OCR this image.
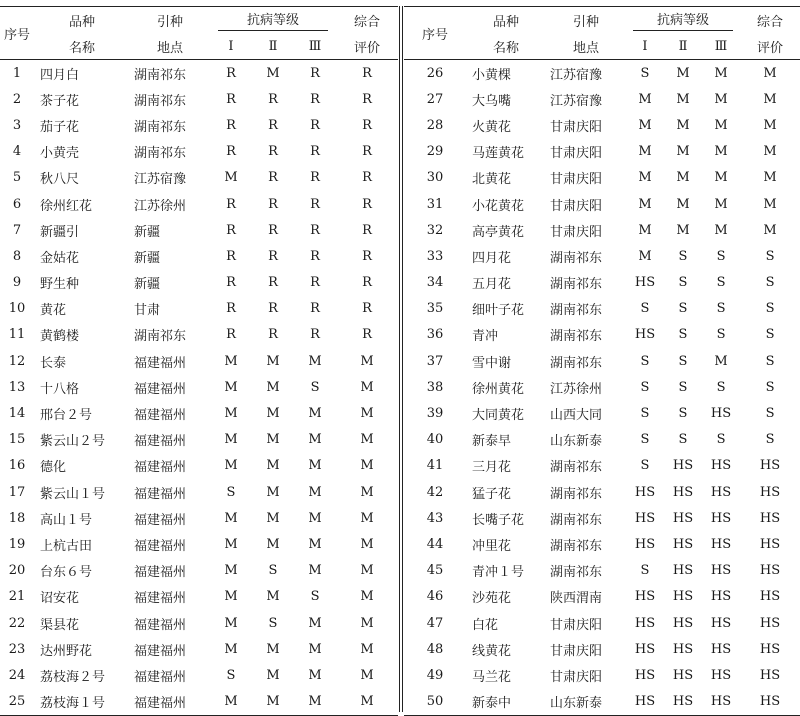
序号	品种	引种	抗病等级			综合
	名称	地点	Ⅰ	Ⅱ	Ⅲ	评价
1	四月白	湖南祁东	R	M	R	R
2	茶子花	湖南祁东	R	R	R	R
3	茄子花	湖南祁东	R	R	R	R
4	小黄壳	湖南祁东	R	R	R	R
5	秋八尺	江苏宿豫	M	R	R	R
6	徐州红花	江苏徐州	R	R	R	R
7	新疆引	新疆	R	R	R	R
8	金姑花	新疆	R	R	R	R
9	野生种	新疆	R	R	R	R
10	黄花	甘肃	R	R	R	R
11	黄鹤楼	湖南祁东	R	R	R	R
12	长泰	福建福州	M	M	M	M
13	十八格	福建福州	M	M	S	M
14	邢台２号	福建福州	M	M	M	M
15	紫云山２号	福建福州	M	M	M	M
16	德化	福建福州	M	M	M	M
17	紫云山１号	福建福州	S	M	M	M
18	高山１号	福建福州	M	M	M	M
19	上杭古田	福建福州	M	M	M	M
20	台东６号	福建福州	M	S	M	M
21	诏安花	福建福州	M	M	S	M
22	渠县花	福建福州	M	S	M	M
23	达州野花	福建福州	M	M	M	M
24	荔枝海２号	福建福州	S	M	M	M
25	荔枝海１号	福建福州	M	M	M	M
序号	品种	引种	抗病等级			综合
	名称	地点	Ⅰ	Ⅱ	Ⅲ	评价
26	小黄棵	江苏宿豫	S	M	M	M
27	大乌嘴	江苏宿豫	M	M	M	M
28	火黄花	甘肃庆阳	M	M	M	M
29	马莲黄花	甘肃庆阳	M	M	M	M
30	北黄花	甘肃庆阳	M	M	M	M
31	小花黄花	甘肃庆阳	M	M	M	M
32	高亭黄花	甘肃庆阳	M	M	M	M
33	四月花	湖南祁东	M	S	S	S
34	五月花	湖南祁东	HS	S	S	S
35	细叶子花	湖南祁东	S	S	S	S
36	青冲	湖南祁东	HS	S	S	S
37	雪中谢	湖南祁东	S	S	M	S
38	徐州黄花	江苏徐州	S	S	S	S
39	大同黄花	山西大同	S	S	HS	S
40	新泰早	山东新泰	S	S	S	S
41	三月花	湖南祁东	S	HS	HS	HS
42	猛子花	湖南祁东	HS	HS	HS	HS
43	长嘴子花	湖南祁东	HS	HS	HS	HS
44	冲里花	湖南祁东	HS	HS	HS	HS
45	青冲１号	湖南祁东	S	HS	HS	HS
46	沙苑花	陕西渭南	HS	HS	HS	HS
47	白花	甘肃庆阳	HS	HS	HS	HS
48	线黄花	甘肃庆阳	HS	HS	HS	HS
49	马兰花	甘肃庆阳	HS	HS	HS	HS
50	新泰中	山东新泰	HS	HS	HS	HS
